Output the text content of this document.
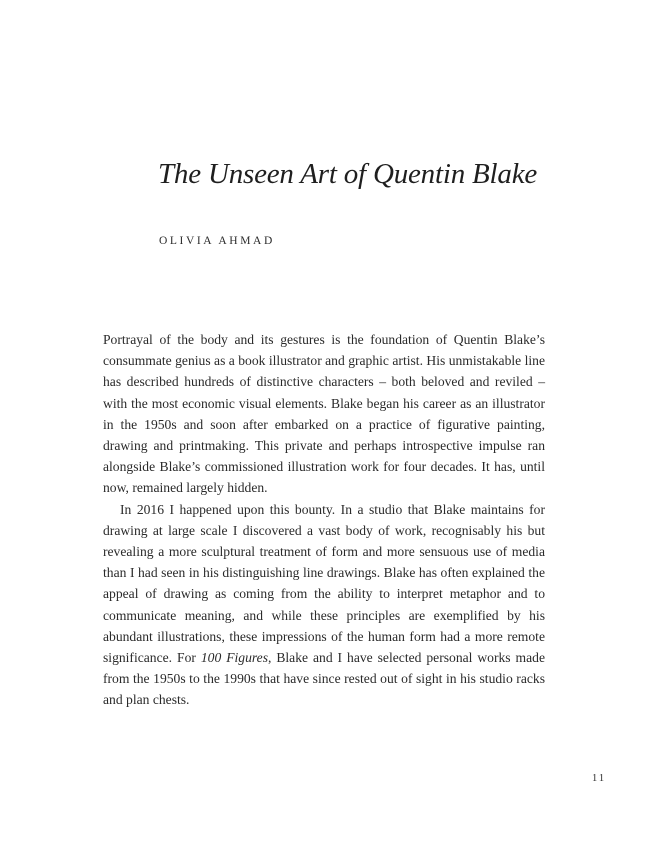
The Unseen Art of Quentin Blake
OLIVIA AHMAD

Portrayal of the body and its gestures is the foundation of Quentin Blake’s consummate genius as a book illustrator and graphic artist. His unmistakable line has described hundreds of distinctive characters – both beloved and reviled – with the most economic visual elements. Blake began his career as an illustrator in the 1950s and soon after embarked on a practice of figurative painting, drawing and printmaking. This private and perhaps introspective impulse ran alongside Blake’s commissioned illustration work for four decades. It has, until now, remained largely hidden.

In 2016 I happened upon this bounty. In a studio that Blake maintains for drawing at large scale I discovered a vast body of work, recognisably his but revealing a more sculptural treatment of form and more sensuous use of media than I had seen in his distinguishing line drawings. Blake has often explained the appeal of drawing as coming from the ability to interpret metaphor and to communicate meaning, and while these principles are exemplified by his abundant illustrations, these impressions of the human form had a more remote significance. For 100 Figures, Blake and I have selected personal works made from the 1950s to the 1990s that have since rested out of sight in his studio racks and plan chests.

11
